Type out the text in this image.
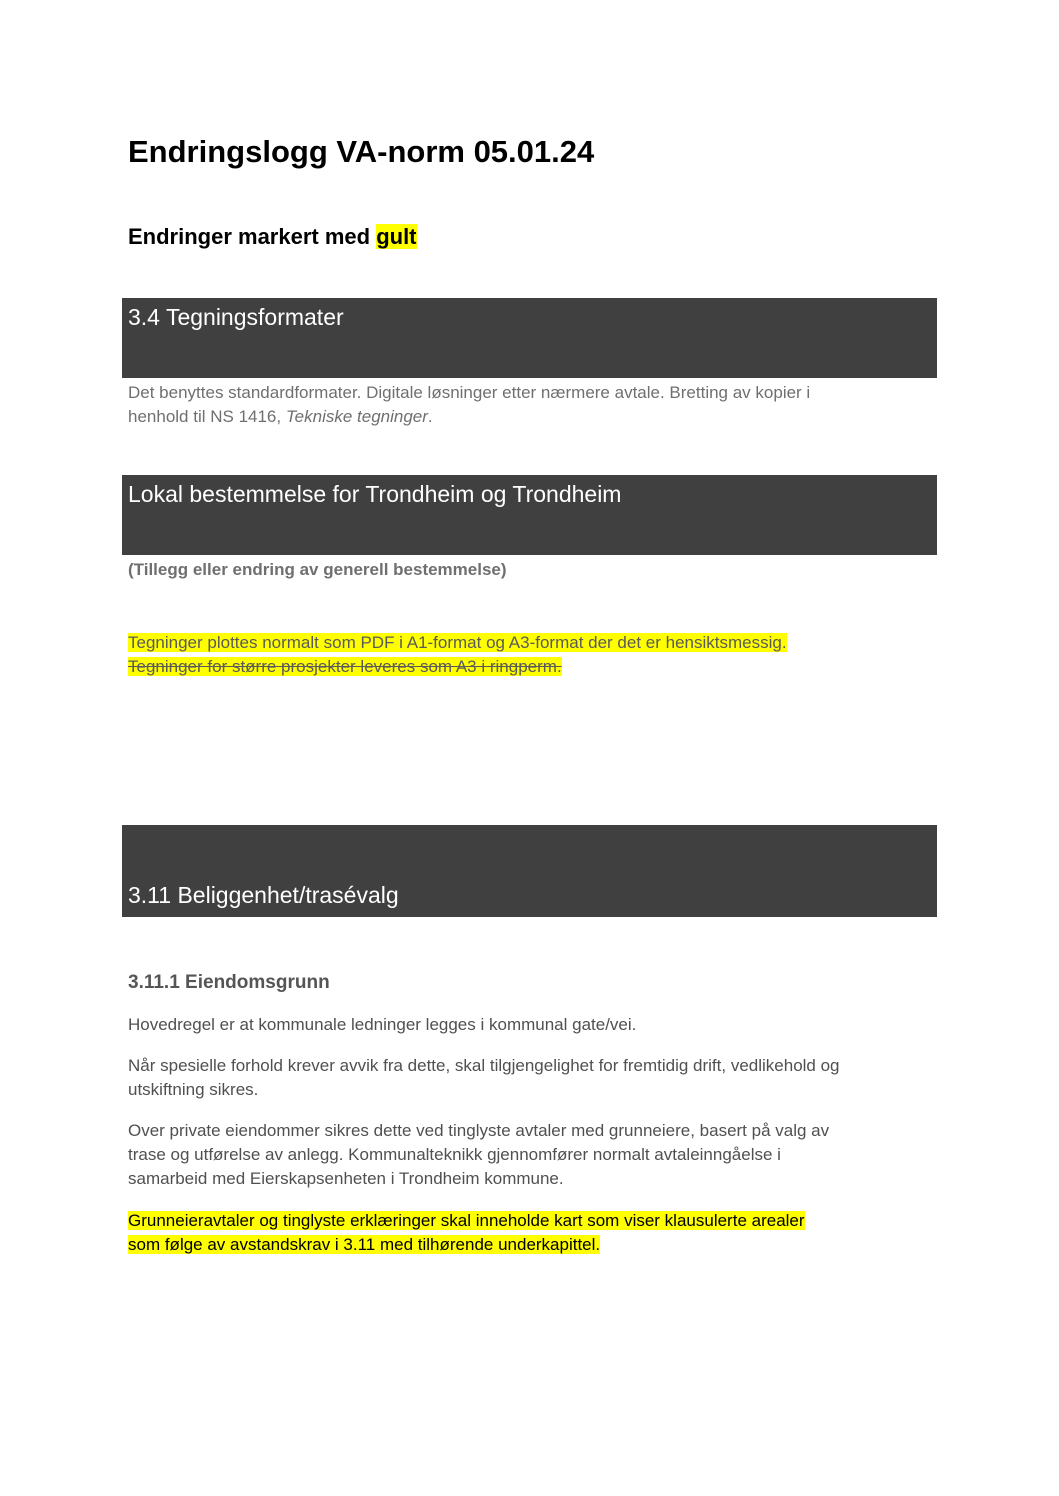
Endringslogg VA-norm 05.01.24
Endringer markert med gult
3.4 Tegningsformater

Det benyttes standardformater. Digitale løsninger etter nærmere avtale. Bretting av kopier i
henhold til NS 1416, Tekniske tegninger.

Lokal bestemmelse for Trondheim og Trondheim

(Tillegg eller endring av generell bestemmelse)

Tegninger plottes normalt som PDF i A1-format og A3-format der det er hensiktsmessig.
Tegninger for større prosjekter leveres som A3 i ringperm.

3.11 Beliggenhet/trasévalg
3.11.1 Eiendomsgrunn

Hovedregel er at kommunale ledninger legges i kommunal gate/vei.

Når spesielle forhold krever avvik fra dette, skal tilgjengelighet for fremtidig drift, vedlikehold og
utskiftning sikres.

Over private eiendommer sikres dette ved tinglyste avtaler med grunneiere, basert på valg av
trase og utførelse av anlegg. Kommunalteknikk gjennomfører normalt avtaleinngåelse i
samarbeid med Eierskapsenheten i Trondheim kommune.

Grunneieravtaler og tinglyste erklæringer skal inneholde kart som viser klausulerte arealer
som følge av avstandskrav i 3.11 med tilhørende underkapittel.
